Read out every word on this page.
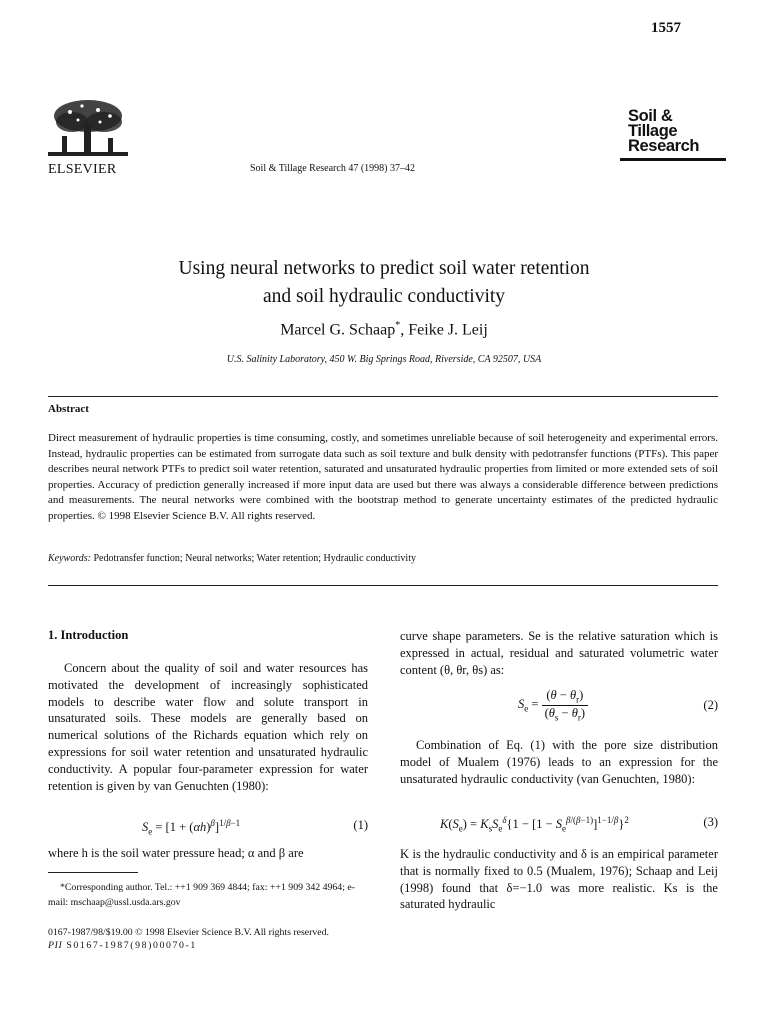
1557
ELSEVIER	Soil & Tillage Research 47 (1998) 37–42
Soil &
Tillage
Research
Using neural networks to predict soil water retention
and soil hydraulic conductivity
Marcel G. Schaap*, Feike J. Leij
U.S. Salinity Laboratory, 450 W. Big Springs Road, Riverside, CA 92507, USA
Abstract
Direct measurement of hydraulic properties is time consuming, costly, and sometimes unreliable because of soil heterogeneity and experimental errors. Instead, hydraulic properties can be estimated from surrogate data such as soil texture and bulk density with pedotransfer functions (PTFs). This paper describes neural network PTFs to predict soil water retention, saturated and unsaturated hydraulic properties from limited or more extended sets of soil properties. Accuracy of prediction generally increased if more input data are used but there was always a considerable difference between predictions and measurements. The neural networks were combined with the bootstrap method to generate uncertainty estimates of the predicted hydraulic properties. © 1998 Elsevier Science B.V. All rights reserved.
Keywords: Pedotransfer function; Neural networks; Water retention; Hydraulic conductivity
1. Introduction
Concern about the quality of soil and water resources has motivated the development of increasingly sophisticated models to describe water flow and solute transport in unsaturated soils. These models are generally based on numerical solutions of the Richards equation which rely on expressions for soil water retention and unsaturated hydraulic conductivity. A popular four-parameter expression for water retention is given by van Genuchten (1980):
$S_e = [1 + (\alpha h)^\beta]^{1/\beta-1}$	(1)
where h is the soil water pressure head; α and β are
*Corresponding author. Tel.: ++1 909 369 4844; fax: ++1 909 342 4964; e-mail: mschaap@ussl.usda.ars.gov
0167-1987/98/$19.00 © 1998 Elsevier Science B.V. All rights reserved.
PII S0167-1987(98)00070-1
curve shape parameters. Se is the relative saturation which is expressed in actual, residual and saturated volumetric water content (θ, θr, θs) as:
$S_e = \frac{(\theta - \theta_r)}{(\theta_s - \theta_r)}$	(2)
Combination of Eq. (1) with the pore size distribution model of Mualem (1976) leads to an expression for the unsaturated hydraulic conductivity (van Genuchten, 1980):
$K(S_e) = K_sS_e^\delta\{1 - [1 - S_e^{\beta/(\beta-1)}]^{1-1/\beta}\}^2$	(3)
K is the hydraulic conductivity and δ is an empirical parameter that is normally fixed to 0.5 (Mualem, 1976); Schaap and Leij (1998) found that δ=−1.0 was more realistic. Ks is the saturated hydraulic
